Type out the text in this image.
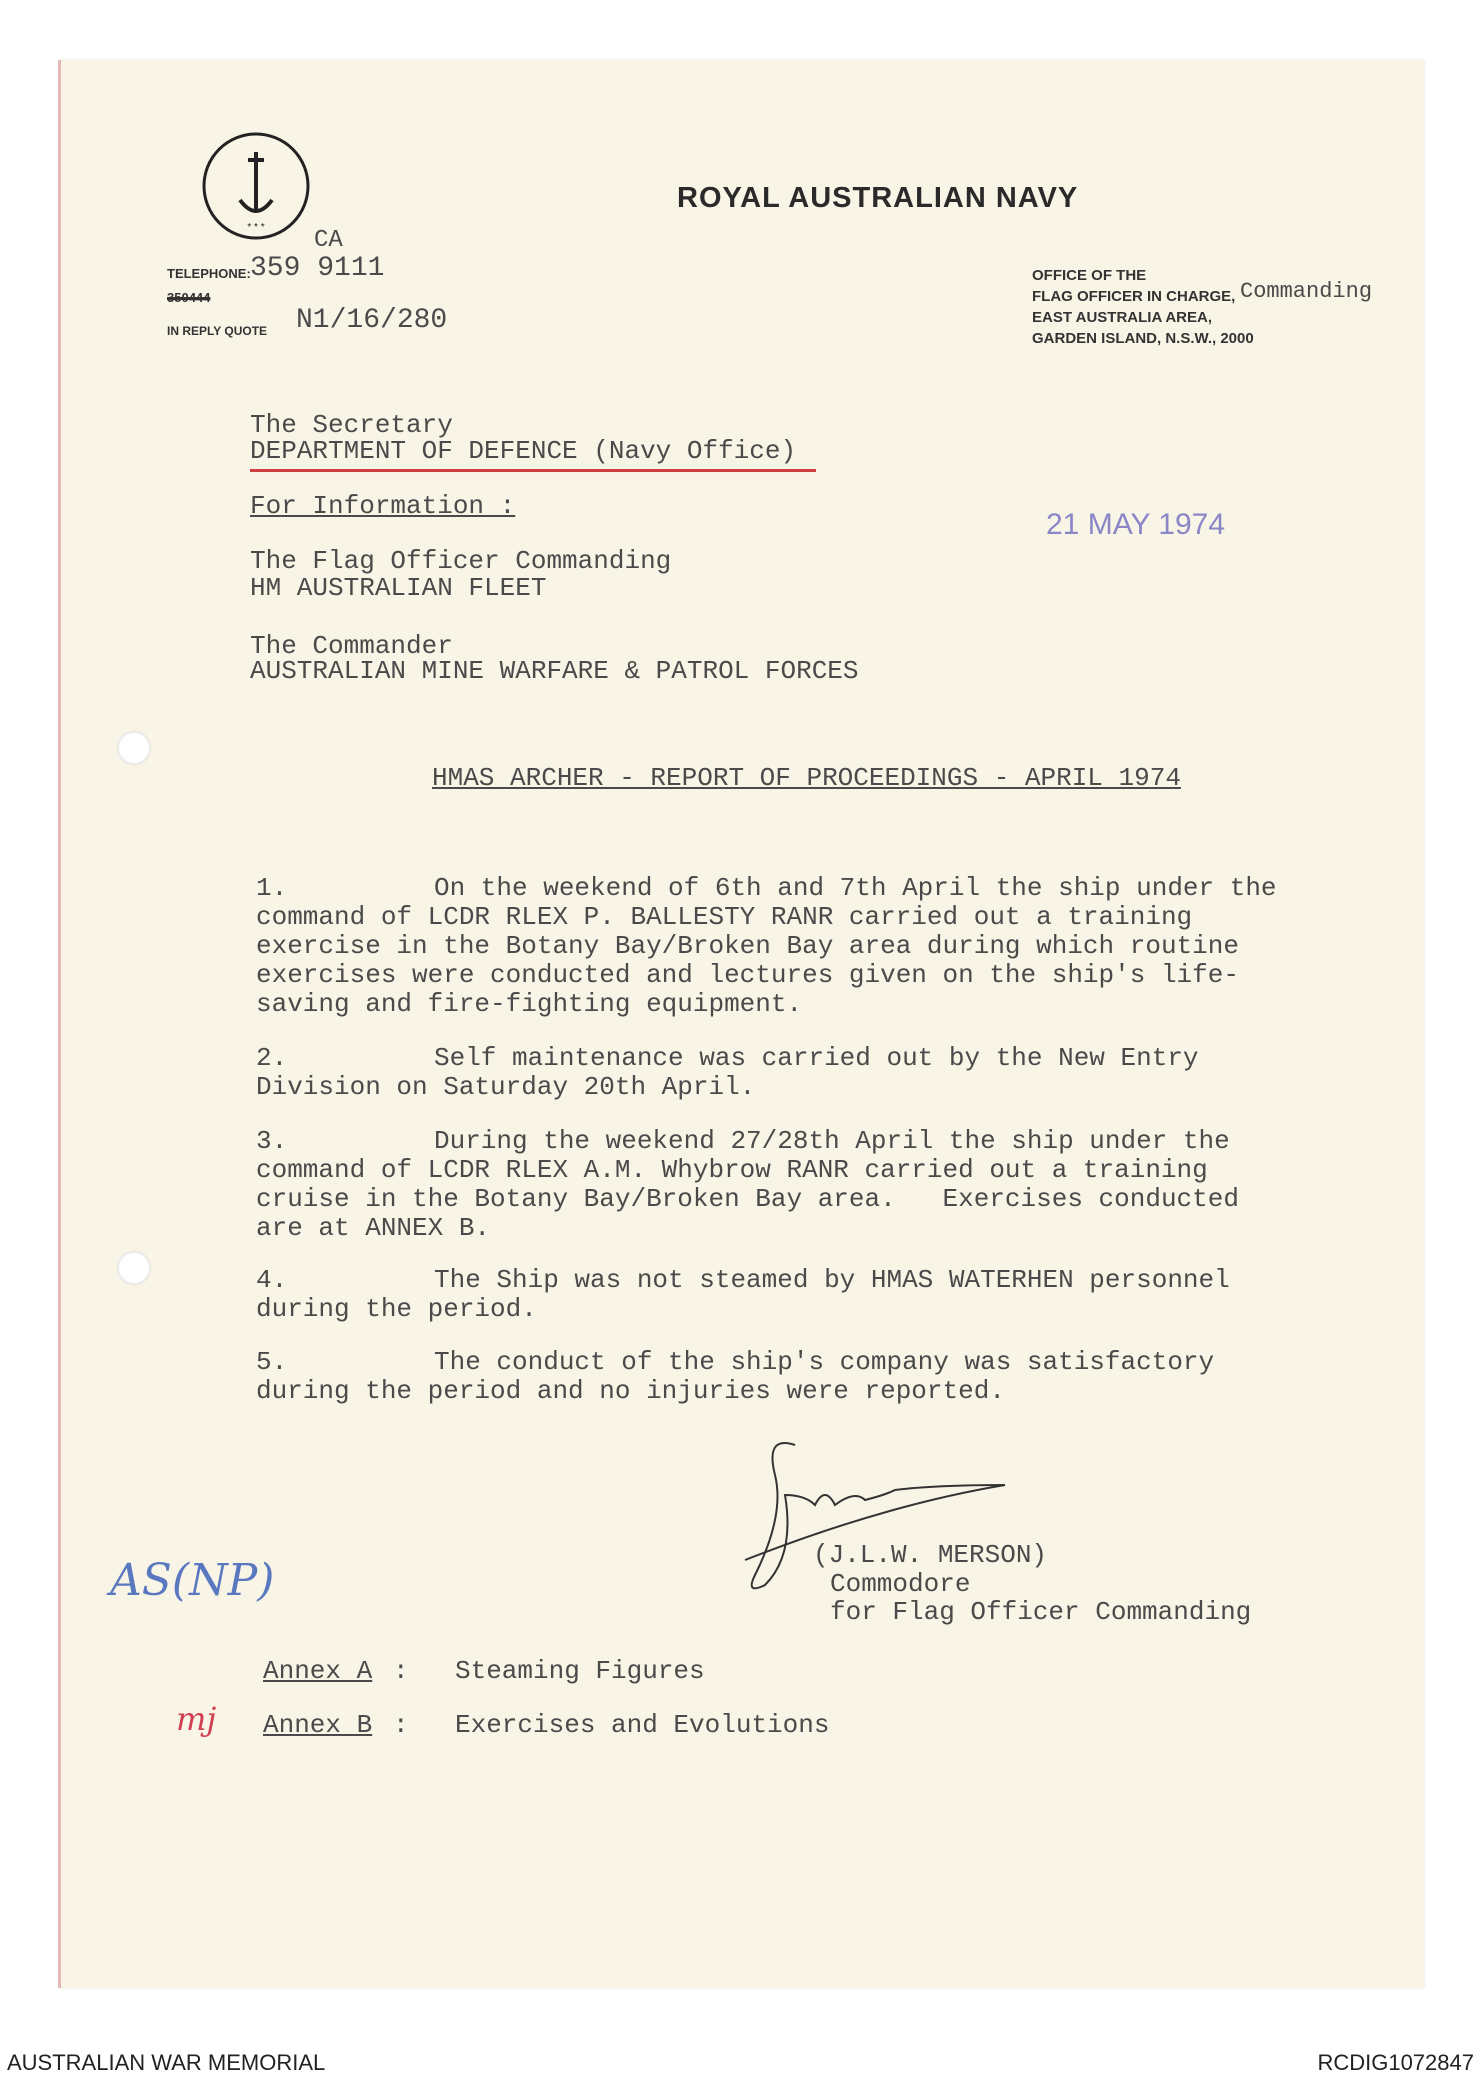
* * *
ROYAL AUSTRALIAN NAVY
CA
TELEPHONE: 359 9111
350444
IN REPLY QUOTE N1/16/280
OFFICE OF THE
FLAG OFFICER IN CHARGE, Commanding
EAST AUSTRALIA AREA,
GARDEN ISLAND, N.S.W., 2000
The Secretary
DEPARTMENT OF DEFENCE (Navy Office)
For Information :
21 MAY 1974
The Flag Officer Commanding
HM AUSTRALIAN FLEET
The Commander
AUSTRALIAN MINE WARFARE & PATROL FORCES
HMAS ARCHER - REPORT OF PROCEEDINGS - APRIL 1974
1.	On the weekend of 6th and 7th April the ship under the
command of LCDR RLEX P. BALLESTY RANR carried out a training
exercise in the Botany Bay/Broken Bay area during which routine
exercises were conducted and lectures given on the ship's life-
saving and fire-fighting equipment.
2.	Self maintenance was carried out by the New Entry
Division on Saturday 20th April.
3.	During the weekend 27/28th April the ship under the
command of LCDR RLEX A.M. Whybrow RANR carried out a training
cruise in the Botany Bay/Broken Bay area.   Exercises conducted
are at ANNEX B.
4.	The Ship was not steamed by HMAS WATERHEN personnel
during the period.
5.	The conduct of the ship's company was satisfactory
during the period and no injuries were reported.
(J.L.W. MERSON)
Commodore
for Flag Officer Commanding
AS(NP)
mj
Annex A : Steaming Figures
Annex B : Exercises and Evolutions
AUSTRALIAN WAR MEMORIAL	RCDIG1072847
